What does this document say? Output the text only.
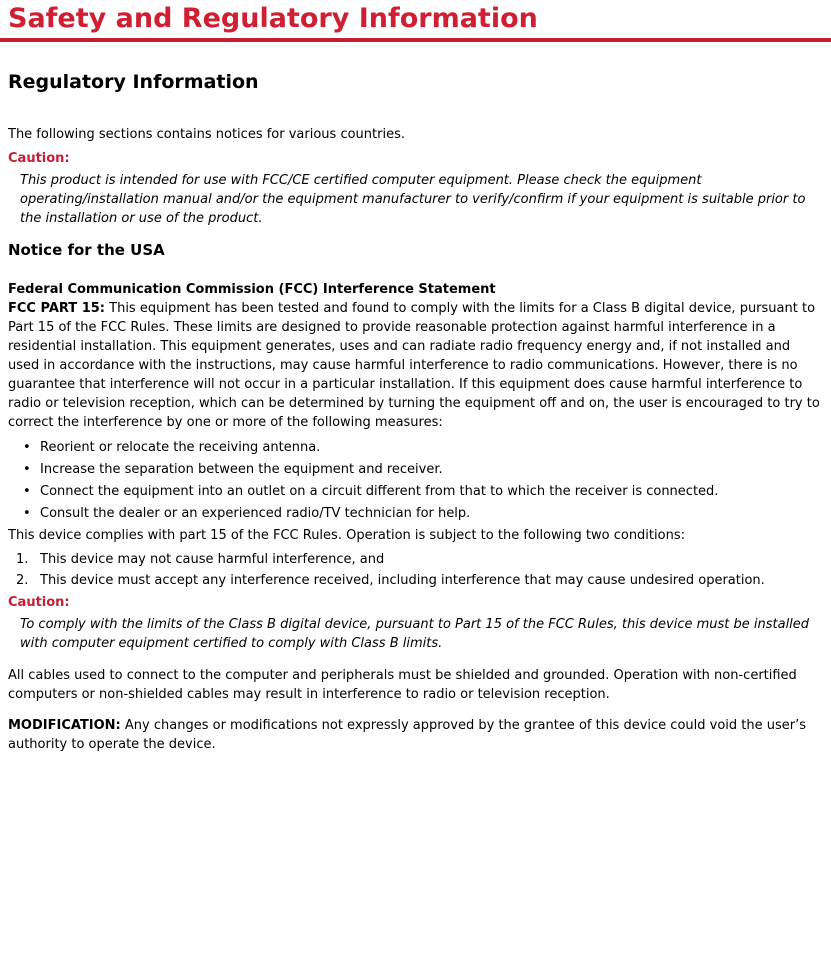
Safety and Regulatory Information
Regulatory Information

The following sections contains notices for various countries.

Caution:

This product is intended for use with FCC/CE certified computer equipment. Please check the equipment operating/installation manual and/or the equipment manufacturer to verify/confirm if your equipment is suitable prior to the installation or use of the product.

Notice for the USA
Federal Communication Commission (FCC) Interference Statement

FCC PART 15: This equipment has been tested and found to comply with the limits for a Class B digital device, pursuant to Part 15 of the FCC Rules. These limits are designed to provide reasonable protection against harmful interference in a residential installation. This equipment generates, uses and can radiate radio frequency energy and, if not installed and used in accordance with the instructions, may cause harmful interference to radio communications. However, there is no guarantee that interference will not occur in a particular installation. If this equipment does cause harmful interference to radio or television reception, which can be determined by turning the equipment off and on, the user is encouraged to try to correct the interference by one or more of the following measures:

• Reorient or relocate the receiving antenna.
• Increase the separation between the equipment and receiver.
• Connect the equipment into an outlet on a circuit different from that to which the receiver is connected.
• Consult the dealer or an experienced radio/TV technician for help.

This device complies with part 15 of the FCC Rules. Operation is subject to the following two conditions:

1. This device may not cause harmful interference, and
2. This device must accept any interference received, including interference that may cause undesired operation.
Caution:

To comply with the limits of the Class B digital device, pursuant to Part 15 of the FCC Rules, this device must be installed with computer equipment certified to comply with Class B limits.

All cables used to connect to the computer and peripherals must be shielded and grounded. Operation with non-certified computers or non-shielded cables may result in interference to radio or television reception.

MODIFICATION: Any changes or modifications not expressly approved by the grantee of this device could void the user’s authority to operate the device.
